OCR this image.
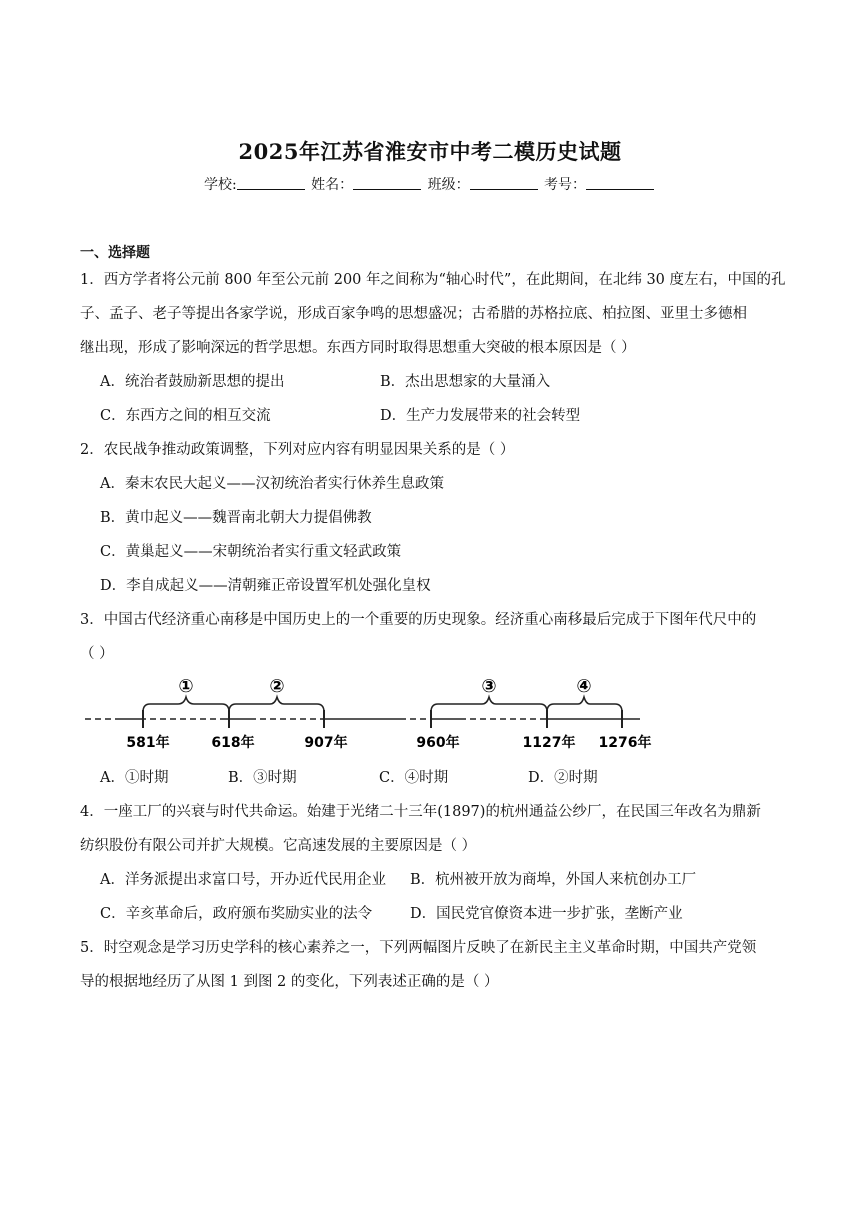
2025年江苏省淮安市中考二模历史试题
学校:	姓名：	班级：	考号：
一、选择题
1．西方学者将公元前 800 年至公元前 200 年之间称为“轴心时代”，在此期间，在北纬 30 度左右，中国的孔
子、孟子、老子等提出各家学说，形成百家争鸣的思想盛况；古希腊的苏格拉底、柏拉图、亚里士多德相
继出现，形成了影响深远的哲学思想。东西方同时取得思想重大突破的根本原因是（ ）
A．统治者鼓励新思想的提出	B．杰出思想家的大量涌入
C．东西方之间的相互交流	D．生产力发展带来的社会转型
2．农民战争推动政策调整，下列对应内容有明显因果关系的是（ ）
A．秦末农民大起义——汉初统治者实行休养生息政策
B．黄巾起义——魏晋南北朝大力提倡佛教
C．黄巢起义——宋朝统治者实行重文轻武政策
D．李自成起义——清朝雍正帝设置军机处强化皇权
3．中国古代经济重心南移是中国历史上的一个重要的历史现象。经济重心南移最后完成于下图年代尺中的
（ ）
①	②	③	④
581年	618年	907年	960年	1127年 1276年
A．①时期	B．③时期	C．④时期	D．②时期
4．一座工厂的兴衰与时代共命运。始建于光绪二十三年(1897)的杭州通益公纱厂，在民国三年改名为鼎新
纺织股份有限公司并扩大规模。它高速发展的主要原因是（ ）
A．洋务派提出求富口号，开办近代民用企业 B．杭州被开放为商埠，外国人来杭创办工厂
C．辛亥革命后，政府颁布奖励实业的法令	D．国民党官僚资本进一步扩张，垄断产业
5．时空观念是学习历史学科的核心素养之一，下列两幅图片反映了在新民主主义革命时期，中国共产党领
导的根据地经历了从图 1 到图 2 的变化，下列表述正确的是（ ）
